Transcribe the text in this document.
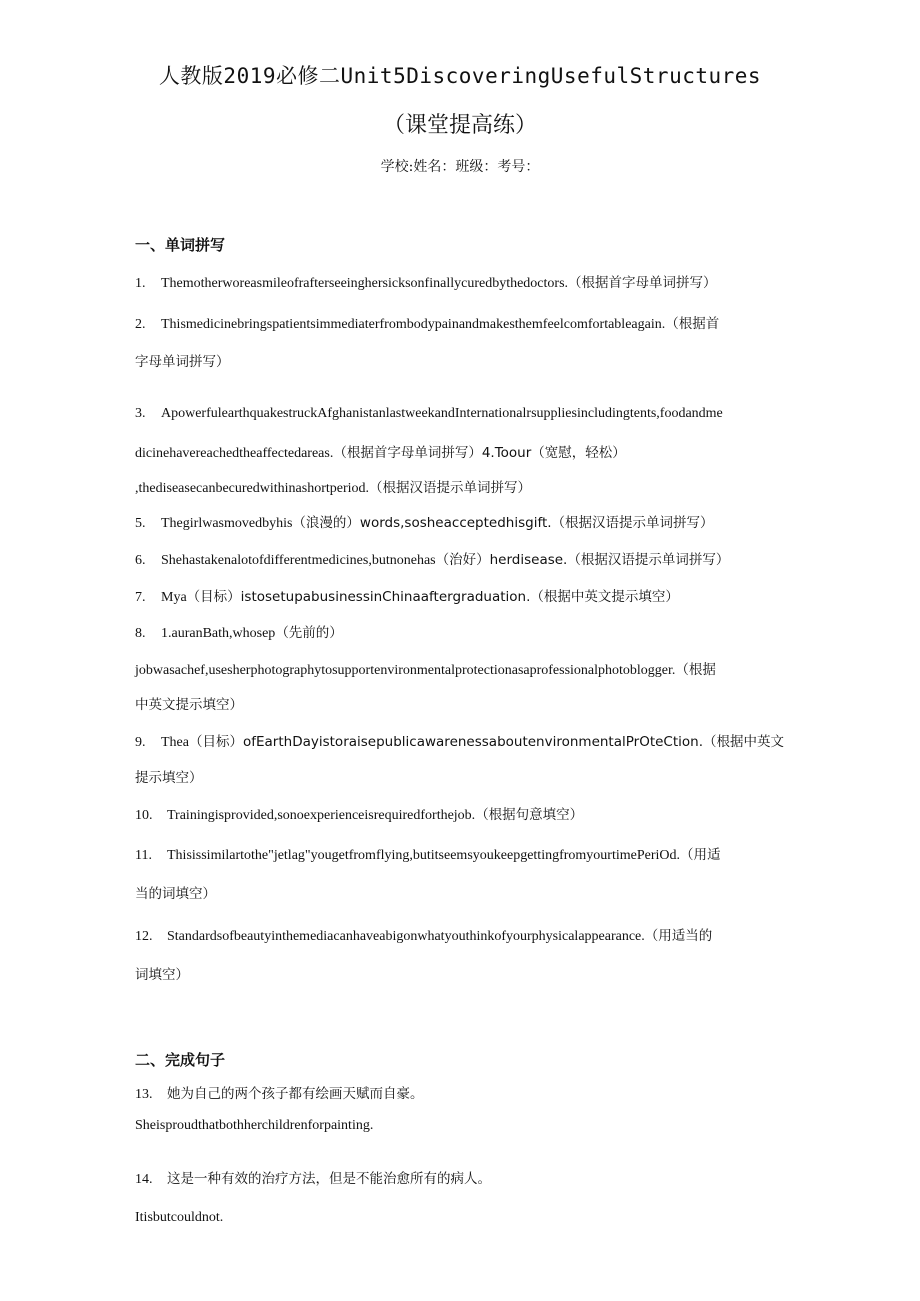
人教版2019必修二Unit5DiscoveringUsefulStructures
（课堂提高练）
学校:姓名：班级：考号：
一、单词拼写
1. Themotherworeasmileofrafterseeinghersicksonfinallycuredbythedoctors.（根据首字母单词拼写）
2. Thismedicinebringspatientsimmediaterfrombodypainandmakesthemfeelcomfortableagain.（根据首
字母单词拼写）
3. ApowerfulearthquakestruckAfghanistanlastweekandInternationalrsuppliesincludingtents,foodandme
dicinehavereachedtheaffectedareas.（根据首字母单词拼写）4.Toour（宽慰，轻松）
,thediseasecanbecuredwithinashortperiod.（根据汉语提示单词拼写）
5. Thegirlwasmovedbyhis（浪漫的）words,sosheacceptedhisgift.（根据汉语提示单词拼写）
6. Shehastakenalotofdifferentmedicines,butnonehas（治好）herdisease.（根据汉语提示单词拼写）
7. Mya（目标）istosetupabusinessinChinaaftergraduation.（根据中英文提示填空）
8. 1.auranBath,whosep（先前的）
jobwasachef,usesherphotographytosupportenvironmentalprotectionasaprofessionalphotoblogger.（根据
中英文提示填空）
9. Thea（目标）ofEarthDayistoraisepublicawarenessaboutenvironmentalPrOteCtion.（根据中英文
提示填空）
10. Trainingisprovided,sonoexperienceisrequiredforthejob.（根据句意填空）
11. Thisissimilartothe"jetlag"yougetfromflying,butitseemsyoukeepgettingfromyourtimePeriOd.（用适
当的词填空）
12. Standardsofbeautyinthemediacanhaveabigonwhatyouthinkofyourphysicalappearance.（用适当的
词填空）
二、完成句子
13. 她为自己的两个孩子都有绘画天赋而自豪。
Sheisproudthatbothherchildrenforpainting.
14. 这是一种有效的治疗方法，但是不能治愈所有的病人。
Itisbutcouldnot.
